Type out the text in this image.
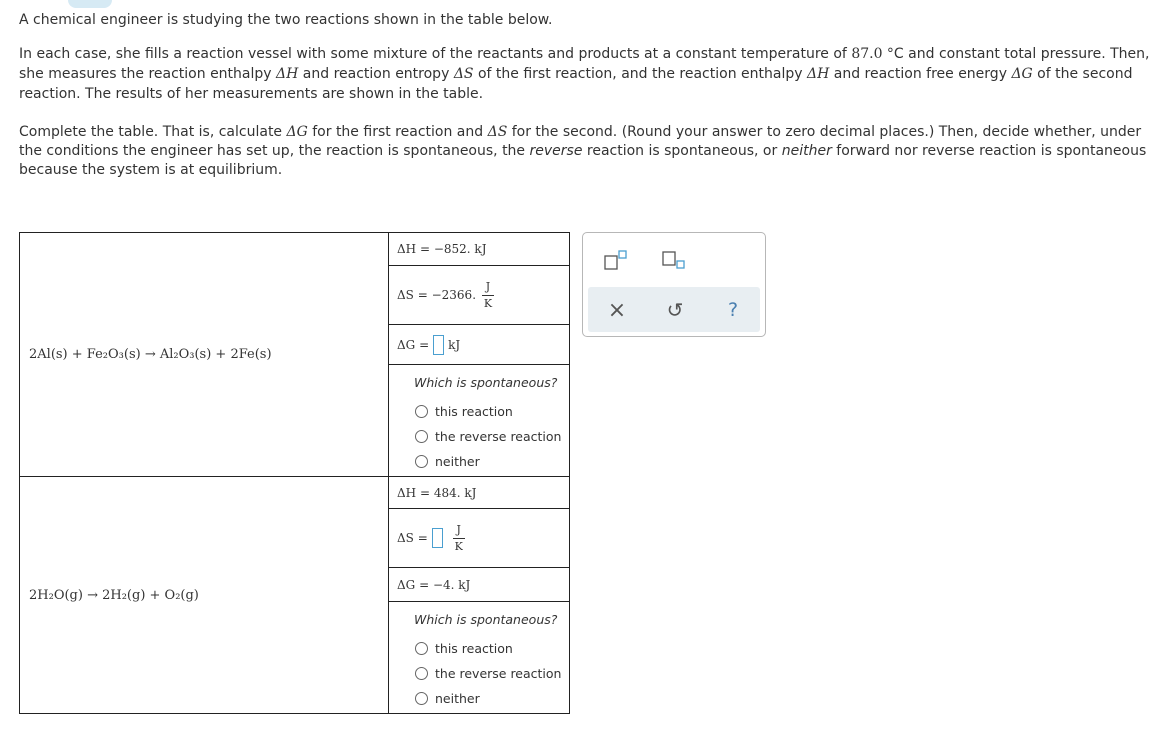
A chemical engineer is studying the two reactions shown in the table below.
In each case, she fills a reaction vessel with some mixture of the reactants and products at a constant temperature of 87.0 °C and constant total pressure. Then, she measures the reaction enthalpy ΔH and reaction entropy ΔS of the first reaction, and the reaction enthalpy ΔH and reaction free energy ΔG of the second reaction. The results of her measurements are shown in the table.
Complete the table. That is, calculate ΔG for the first reaction and ΔS for the second. (Round your answer to zero decimal places.) Then, decide whether, under the conditions the engineer has set up, the reaction is spontaneous, the reverse reaction is spontaneous, or neither forward nor reverse reaction is spontaneous because the system is at equilibrium.
2Al(s) + Fe₂O₃(s) → Al₂O₃(s) + 2Fe(s)	ΔH =
−852. kJ

	ΔS =
−2366. $\frac{J}{K}$

	ΔG = kJ

	Which is spontaneous?
this reaction
the reverse reaction
neither

2H₂O(g) → 2H₂(g) + O₂(g)	ΔH =
484. kJ

	$\Delta S = \frac{J}{K}$

	ΔG =
−4. kJ

	Which is spontaneous?
this reaction
the reverse reaction
neither
× ↺ ?
